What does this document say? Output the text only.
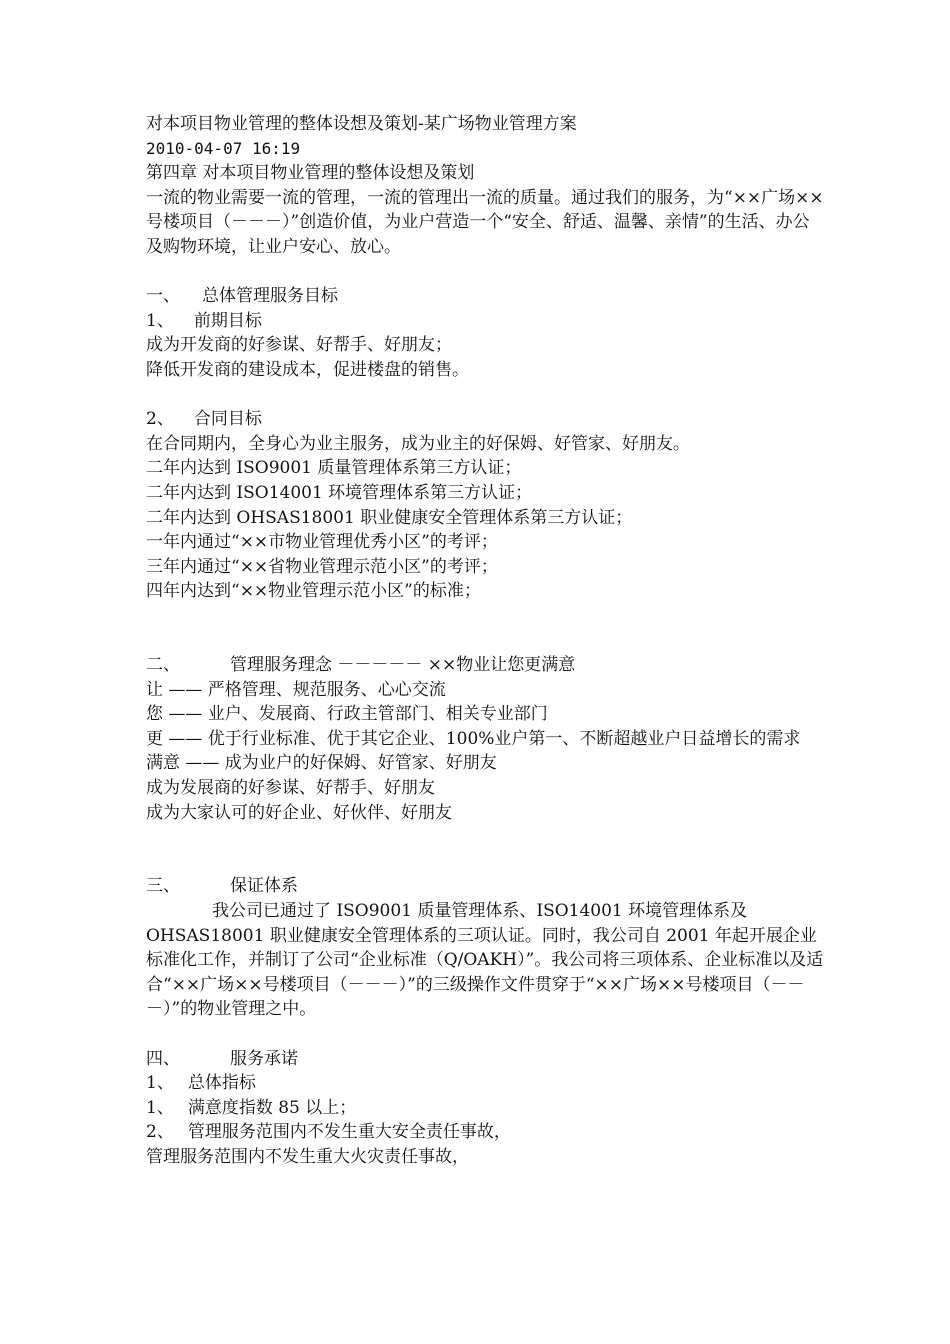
对本项目物业管理的整体设想及策划-某广场物业管理方案
2010-04-07 16:19
第四章 对本项目物业管理的整体设想及策划
一流的物业需要一流的管理，一流的管理出一流的质量。通过我们的服务，为“××广场××号楼项目（－－－）”创造价值，为业户营造一个“安全、舒适、温馨、亲情”的生活、办公及购物环境，让业户安心、放心。
一、 总体管理服务目标
1、 前期目标
成为开发商的好参谋、好帮手、好朋友；
降低开发商的建设成本，促进楼盘的销售。
2、 合同目标
在合同期内，全身心为业主服务，成为业主的好保姆、好管家、好朋友。
二年内达到 ISO9001 质量管理体系第三方认证；
二年内达到 ISO14001 环境管理体系第三方认证；
二年内达到 OHSAS18001 职业健康安全管理体系第三方认证；
一年内通过“××市物业管理优秀小区”的考评；
三年内通过“××省物业管理示范小区”的考评；
四年内达到“××物业管理示范小区”的标准；
二、	管理服务理念 －－－－－ ××物业让您更满意
让 —— 严格管理、规范服务、心心交流
您 —— 业户、发展商、行政主管部门、相关专业部门
更 —— 优于行业标准、优于其它企业、100%业户第一、不断超越业户日益增长的需求
满意 —— 成为业户的好保姆、好管家、好朋友
成为发展商的好参谋、好帮手、好朋友
成为大家认可的好企业、好伙伴、好朋友
三、	保证体系
我公司已通过了 ISO9001 质量管理体系、ISO14001 环境管理体系及 OHSAS18001 职业健康安全管理体系的三项认证。同时，我公司自 2001 年起开展企业标准化工作，并制订了公司“企业标准（Q/OAKH）”。我公司将三项体系、企业标准以及适合“××广场××号楼项目（－－－）”的三级操作文件贯穿于“××广场××号楼项目（－－－）”的物业管理之中。
四、	服务承诺
1、 总体指标
1、 满意度指数 85 以上；
2、 管理服务范围内不发生重大安全责任事故，
管理服务范围内不发生重大火灾责任事故，
